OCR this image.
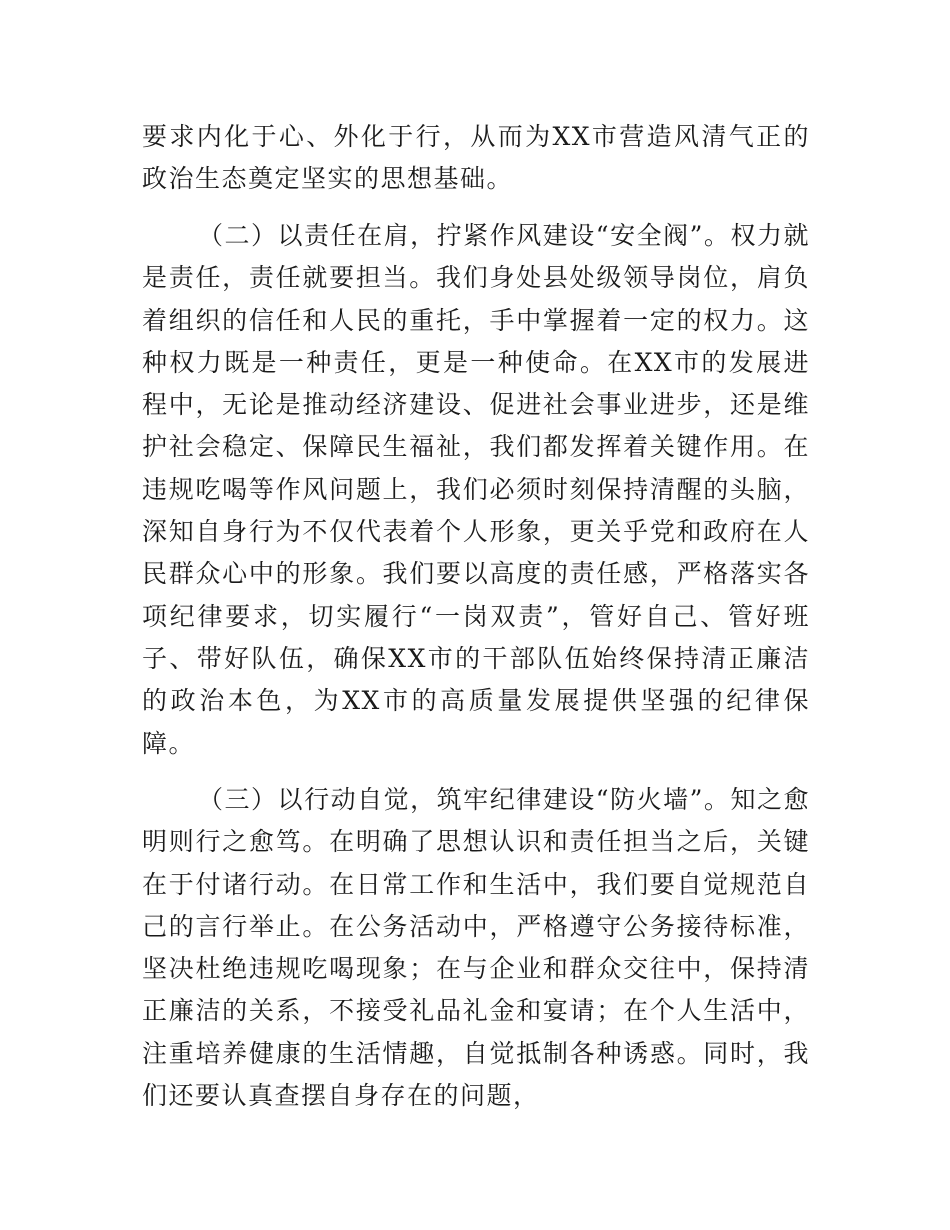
要求内化于心、外化于行，从而为XX市营造风清气正的政治生态奠定坚实的思想基础。

（二）以责任在肩，拧紧作风建设“安全阀”。权力就是责任，责任就要担当。我们身处县处级领导岗位，肩负着组织的信任和人民的重托，手中掌握着一定的权力。这种权力既是一种责任，更是一种使命。在XX市的发展进程中，无论是推动经济建设、促进社会事业进步，还是维护社会稳定、保障民生福祉，我们都发挥着关键作用。在违规吃喝等作风问题上，我们必须时刻保持清醒的头脑，深知自身行为不仅代表着个人形象，更关乎党和政府在人民群众心中的形象。我们要以高度的责任感，严格落实各项纪律要求，切实履行“一岗双责”，管好自己、管好班子、带好队伍，确保XX市的干部队伍始终保持清正廉洁的政治本色，为XX市的高质量发展提供坚强的纪律保障。

（三）以行动自觉，筑牢纪律建设“防火墙”。知之愈明则行之愈笃。在明确了思想认识和责任担当之后，关键在于付诸行动。在日常工作和生活中，我们要自觉规范自己的言行举止。在公务活动中，严格遵守公务接待标准，坚决杜绝违规吃喝现象；在与企业和群众交往中，保持清正廉洁的关系，不接受礼品礼金和宴请；在个人生活中，注重培养健康的生活情趣，自觉抵制各种诱惑。同时，我们还要认真查摆自身存在的问题，
